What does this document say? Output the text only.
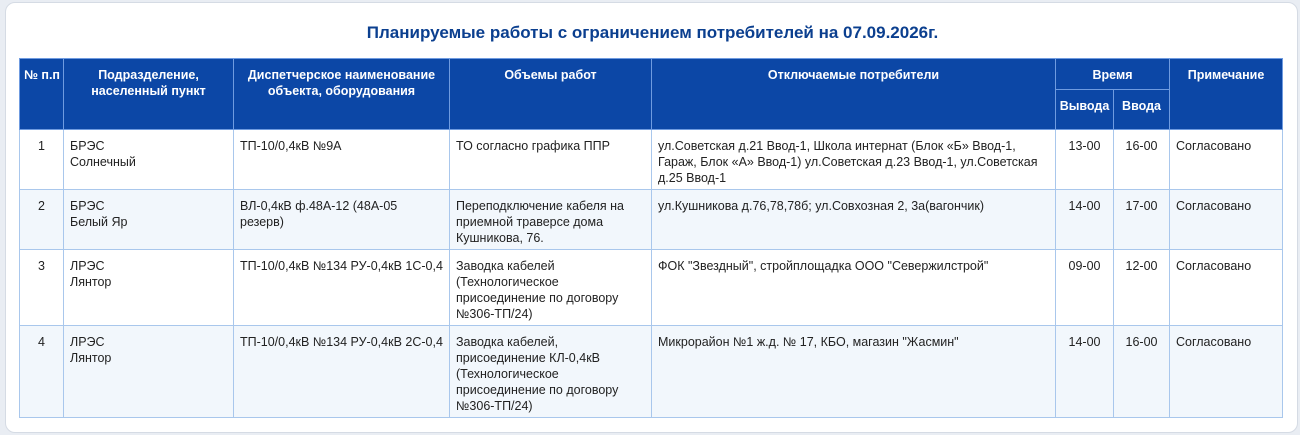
Планируемые работы с ограничением потребителей на 07.09.2026г.
№ п.п	Подразделение, населенный пункт	Диспетчерское наименование объекта, оборудования	Объемы работ	Отключаемые потребители	Время		Примечание
					Вывода	Ввода	
1	БРЭС
Солнечный	ТП-10/0,4кВ №9А	ТО согласно графика ППР	ул.Советская д.21 Ввод-1, Школа интернат (Блок «Б» Ввод-1, Гараж, Блок «А» Ввод-1) ул.Советская д.23 Ввод-1, ул.Советская д.25 Ввод-1	13-00	16-00	Согласовано
2	БРЭС
Белый Яр	ВЛ-0,4кВ ф.48А-12 (48А-05 резерв)	Переподключение кабеля на приемной траверсе дома Кушникова, 76.	ул.Кушникова д.76,78,78б; ул.Совхозная 2, 3а(вагончик)	14-00	17-00	Согласовано
3	ЛРЭС
Лянтор	ТП-10/0,4кВ №134 РУ-0,4кВ 1С-0,4	Заводка кабелей (Технологическое присоединение по договору №306-ТП/24)	ФОК "Звездный", стройплощадка ООО "Севержилстрой"	09-00	12-00	Согласовано
4	ЛРЭС
Лянтор	ТП-10/0,4кВ №134 РУ-0,4кВ 2С-0,4	Заводка кабелей, присоединение КЛ-0,4кВ (Технологическое присоединение по договору №306-ТП/24)	Микрорайон №1 ж.д. № 17, КБО, магазин "Жасмин"	14-00	16-00	Согласовано
